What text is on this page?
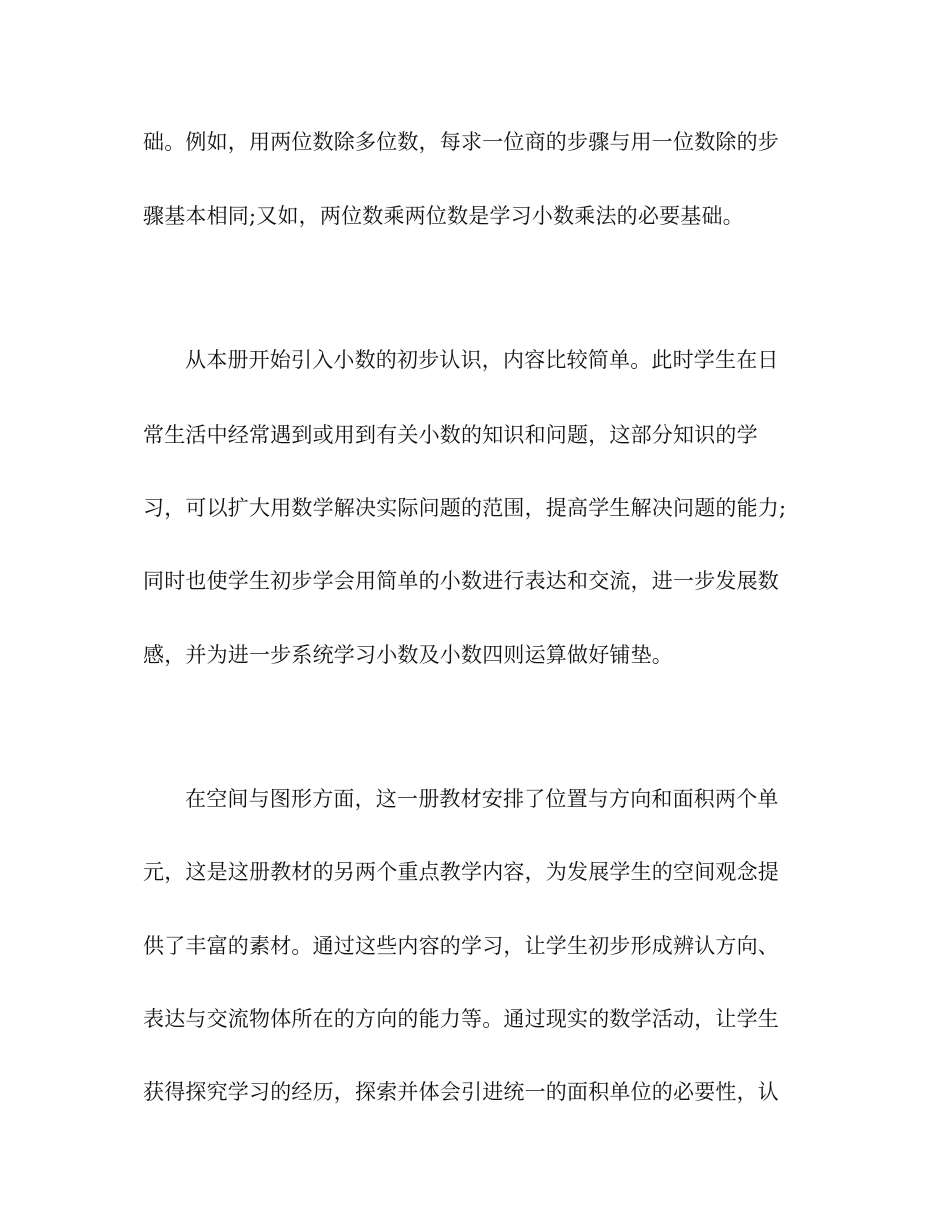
础。例如，用两位数除多位数，每求一位商的步骤与用一位数除的步
骤基本相同;又如，两位数乘两位数是学习小数乘法的必要基础。
从本册开始引入小数的初步认识，内容比较简单。此时学生在日
常生活中经常遇到或用到有关小数的知识和问题，这部分知识的学
习，可以扩大用数学解决实际问题的范围，提高学生解决问题的能力;
同时也使学生初步学会用简单的小数进行表达和交流，进一步发展数
感，并为进一步系统学习小数及小数四则运算做好铺垫。
在空间与图形方面，这一册教材安排了位置与方向和面积两个单
元，这是这册教材的另两个重点教学内容，为发展学生的空间观念提
供了丰富的素材。通过这些内容的学习，让学生初步形成辨认方向、
表达与交流物体所在的方向的能力等。通过现实的数学活动，让学生
获得探究学习的经历，探索并体会引进统一的面积单位的必要性，认
